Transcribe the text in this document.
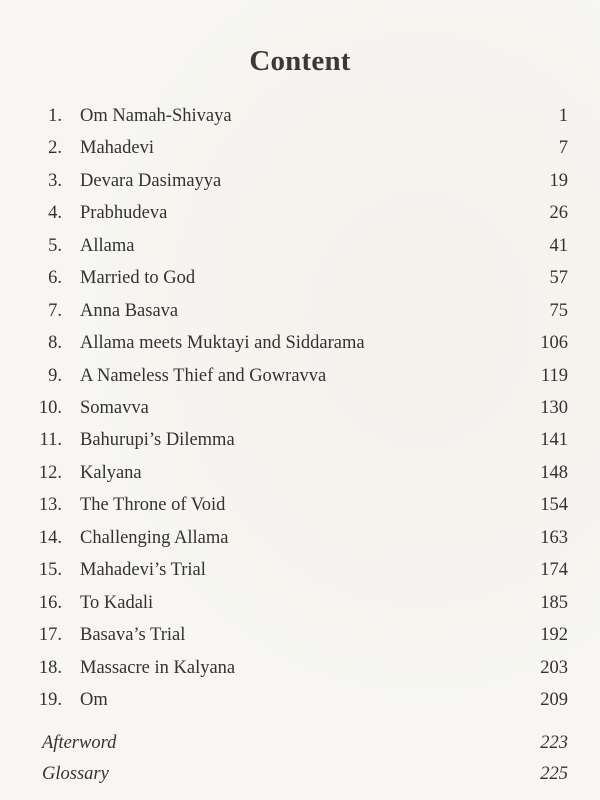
Content
1. Om Namah-Shivaya	1
2. Mahadevi	7
3. Devara Dasimayya	19
4. Prabhudeva	26
5. Allama	41
6. Married to God	57
7. Anna Basava	75
8. Allama meets Muktayi and Siddarama	106
9. A Nameless Thief and Gowravva	119
10. Somavva	130
11. Bahurupi’s Dilemma	141
12. Kalyana	148
13. The Throne of Void	154
14. Challenging Allama	163
15. Mahadevi’s Trial	174
16. To Kadali	185
17. Basava’s Trial	192
18. Massacre in Kalyana	203
19. Om	209
Afterword	223
Glossary	225
